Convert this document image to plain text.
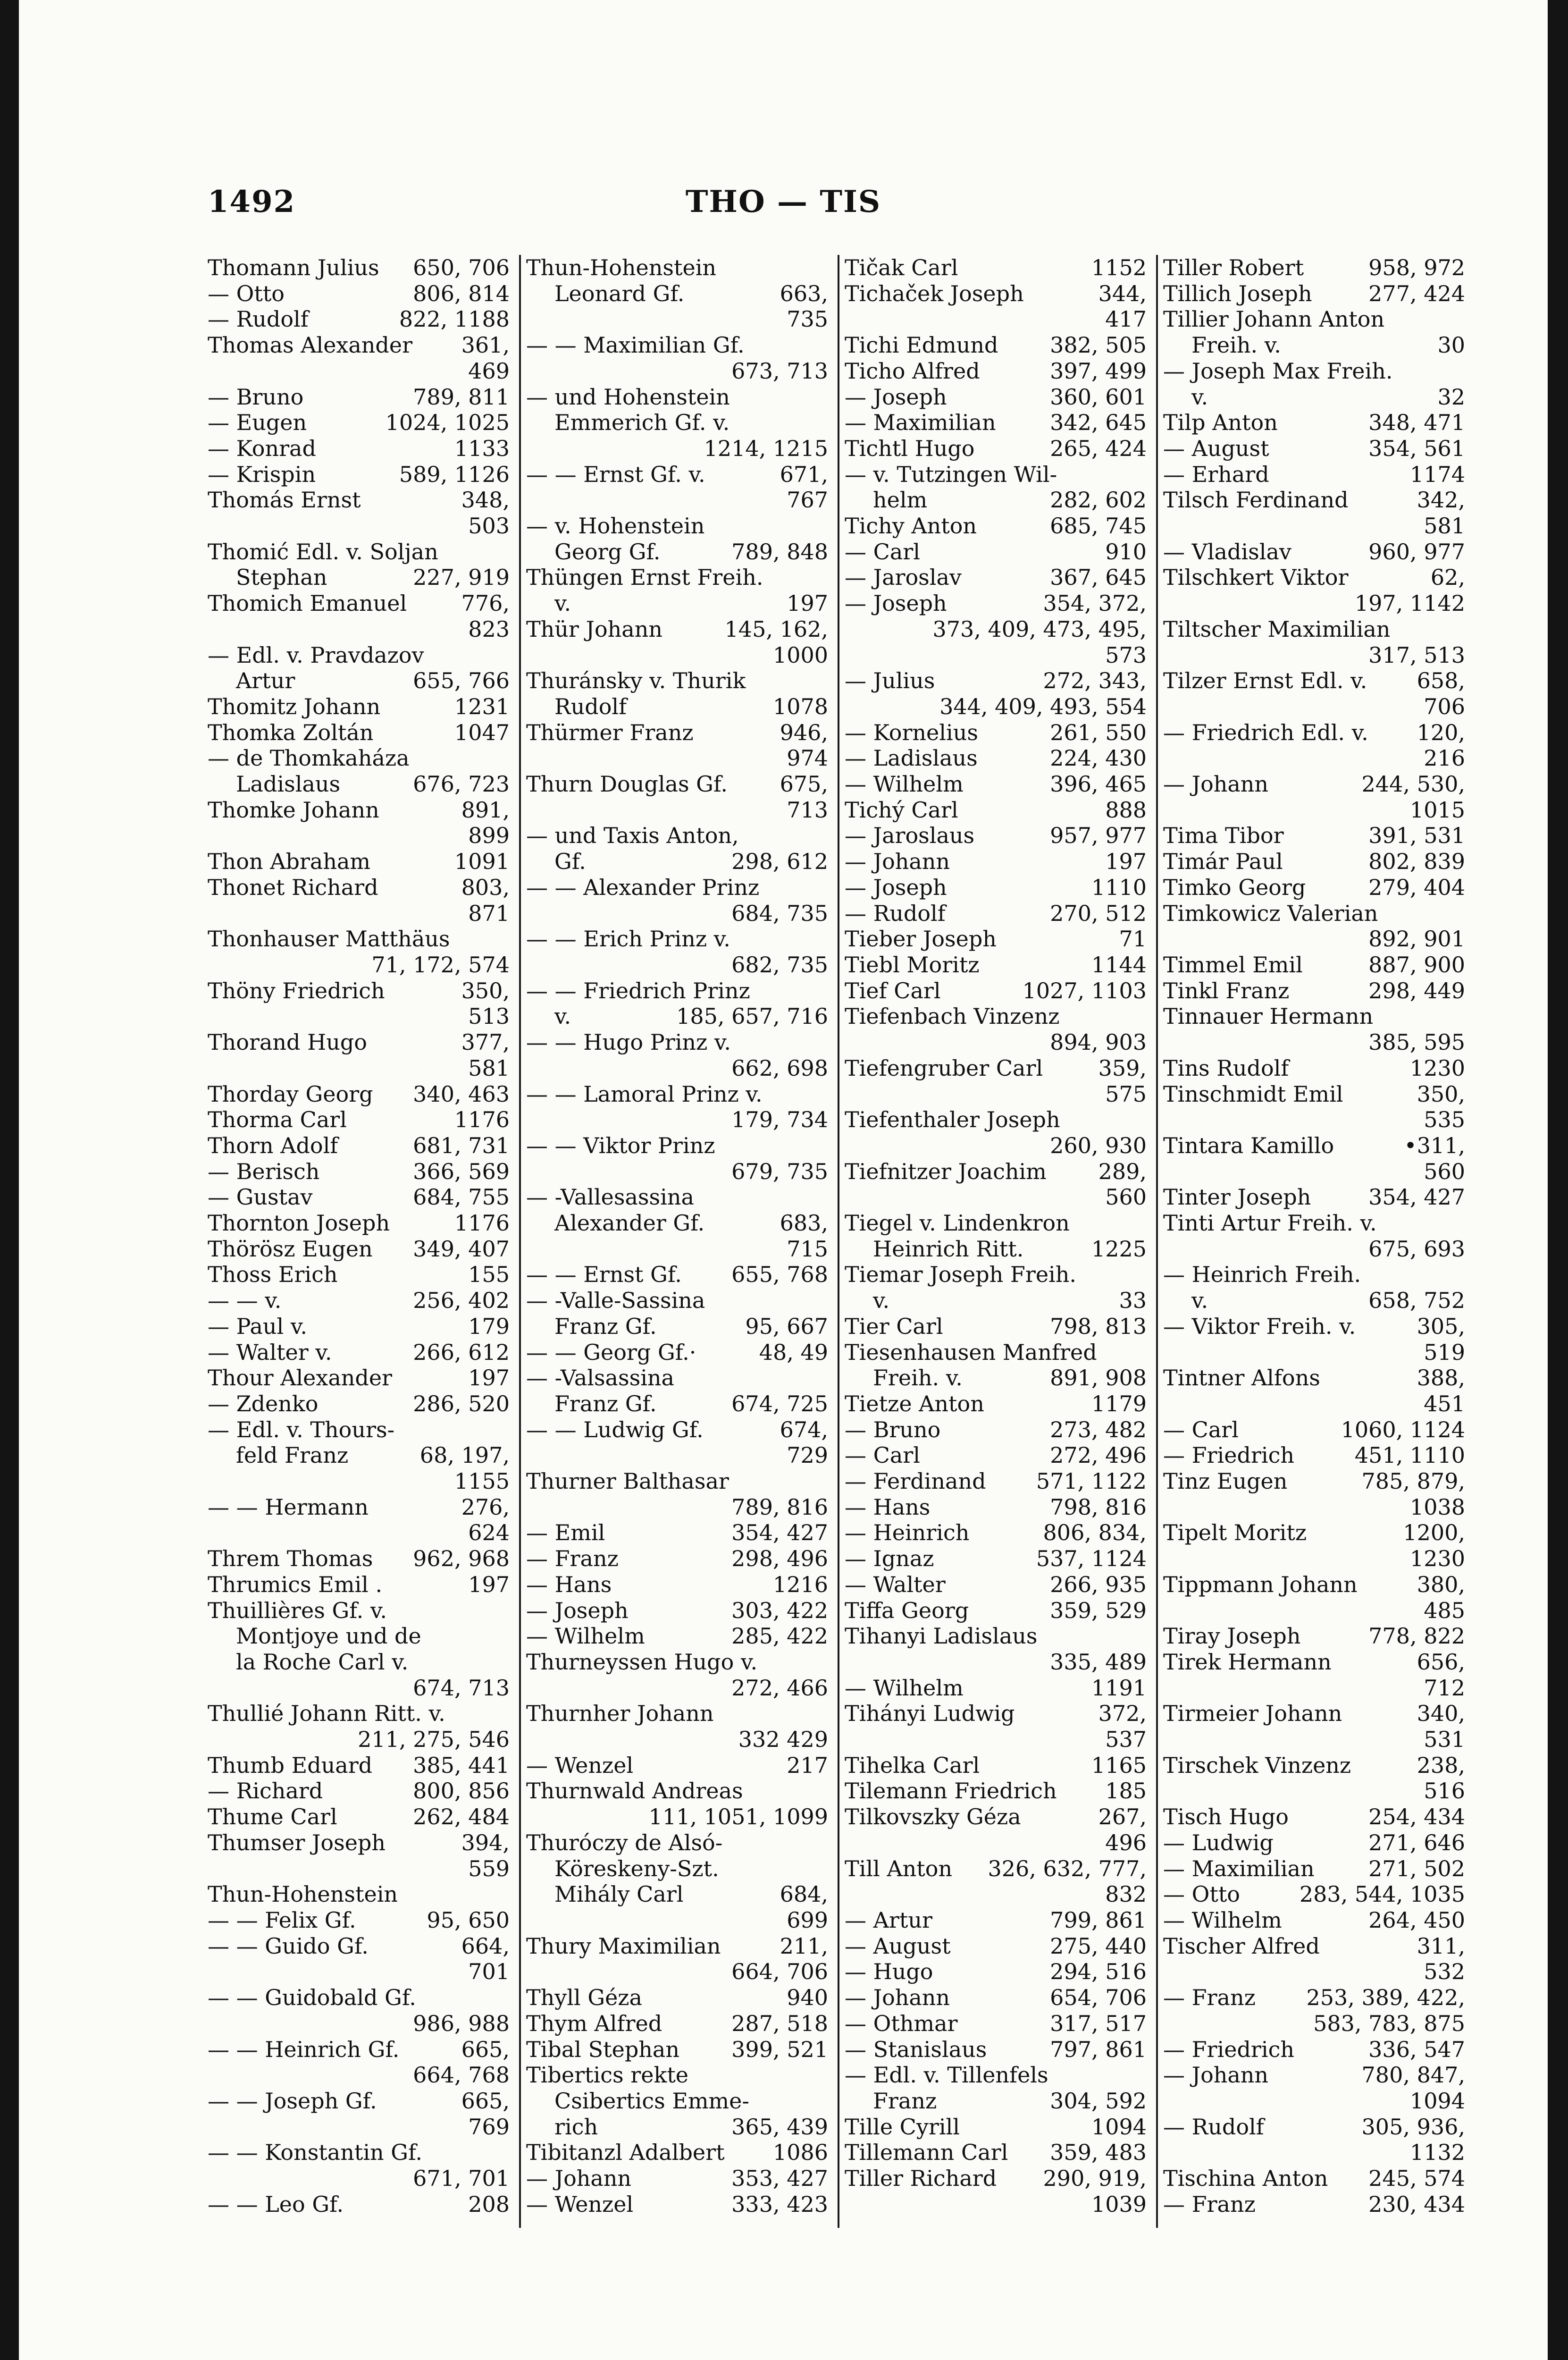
1492	THO — TIS
Thomann Julius	650, 706
— Otto	806, 814
— Rudolf	822, 1188
Thomas Alexander	361,
469
— Bruno	789, 811
— Eugen	1024, 1025
— Konrad	1133
— Krispin	589, 1126
Thomás Ernst	348,
503
Thomić Edl. v. Soljan
Stephan	227, 919
Thomich Emanuel	776,
823
— Edl. v. Pravdazov
Artur	655, 766
Thomitz Johann	1231
Thomka Zoltán	1047
— de Thomkaháza
Ladislaus	676, 723
Thomke Johann	891,
899
Thon Abraham	1091
Thonet Richard	803,
871
Thonhauser Matthäus
71, 172, 574
Thöny Friedrich	350,
513
Thorand Hugo	377,
581
Thorday Georg	340, 463
Thorma Carl	1176
Thorn Adolf	681, 731
— Berisch	366, 569
— Gustav	684, 755
Thornton Joseph	1176
Thörösz Eugen	349, 407
Thoss Erich	155
— — v.	256, 402
— Paul v.	179
— Walter v.	266, 612
Thour Alexander	197
— Zdenko	286, 520
— Edl. v. Thours-
feld Franz	68, 197,
1155
— — Hermann	276,
624
Threm Thomas	962, 968
Thrumics Emil .	197
Thuillières Gf. v.
Montjoye und de
la Roche Carl v.
674, 713
Thullié Johann Ritt. v.
211, 275, 546
Thumb Eduard	385, 441
— Richard	800, 856
Thume Carl	262, 484
Thumser Joseph	394,
559
Thun-Hohenstein
— — Felix Gf.	95, 650
— — Guido Gf.	664,
701
— — Guidobald Gf.
986, 988
— — Heinrich Gf.	665,
664, 768
— — Joseph Gf.	665,
769
— — Konstantin Gf.
671, 701
— — Leo Gf.	208
Thun-Hohenstein
Leonard Gf.	663,
735
— — Maximilian Gf.
673, 713
— und Hohenstein
Emmerich Gf. v.
1214, 1215
— — Ernst Gf. v.	671,
767
— v. Hohenstein
Georg Gf.	789, 848
Thüngen Ernst Freih.
v.	197
Thür Johann	145, 162,
1000
Thuránsky v. Thurik
Rudolf	1078
Thürmer Franz	946,
974
Thurn Douglas Gf.	675,
713
— und Taxis Anton,
Gf.	298, 612
— — Alexander Prinz
684, 735
— — Erich Prinz v.
682, 735
— — Friedrich Prinz
v.	185, 657, 716
— — Hugo Prinz v.
662, 698
— — Lamoral Prinz v.
179, 734
— — Viktor Prinz
679, 735
— -Vallesassina
Alexander Gf.	683,
715
— — Ernst Gf.	655, 768
— -Valle-Sassina
Franz Gf.	95, 667
— — Georg Gf.·	48, 49
— -Valsassina
Franz Gf.	674, 725
— — Ludwig Gf.	674,
729
Thurner Balthasar
789, 816
— Emil	354, 427
— Franz	298, 496
— Hans	1216
— Joseph	303, 422
— Wilhelm	285, 422
Thurneyssen Hugo v.
272, 466
Thurnher Johann
332 429
— Wenzel	217
Thurnwald Andreas
111, 1051, 1099
Thuróczy de Alsó-
Köreskeny-Szt.
Mihály Carl	684,
699
Thury Maximilian	211,
664, 706
Thyll Géza	940
Thym Alfred	287, 518
Tibal Stephan	399, 521
Tibertics rekte
Csibertics Emme-
rich	365, 439
Tibitanzl Adalbert	1086
— Johann	353, 427
— Wenzel	333, 423
Tičak Carl	1152
Tichaček Joseph	344,
417
Tichi Edmund	382, 505
Ticho Alfred	397, 499
— Joseph	360, 601
— Maximilian	342, 645
Tichtl Hugo	265, 424
— v. Tutzingen Wil-
helm	282, 602
Tichy Anton	685, 745
— Carl	910
— Jaroslav	367, 645
— Joseph	354, 372,
373, 409, 473, 495,
573
— Julius	272, 343,
344, 409, 493, 554
— Kornelius	261, 550
— Ladislaus	224, 430
— Wilhelm	396, 465
Tichý Carl	888
— Jaroslaus	957, 977
— Johann	197
— Joseph	1110
— Rudolf	270, 512
Tieber Joseph	71
Tiebl Moritz	1144
Tief Carl	1027, 1103
Tiefenbach Vinzenz
894, 903
Tiefengruber Carl	359,
575
Tiefenthaler Joseph
260, 930
Tiefnitzer Joachim	289,
560
Tiegel v. Lindenkron
Heinrich Ritt.	1225
Tiemar Joseph Freih.
v.	33
Tier Carl	798, 813
Tiesenhausen Manfred
Freih. v.	891, 908
Tietze Anton	1179
— Bruno	273, 482
— Carl	272, 496
— Ferdinand	571, 1122
— Hans	798, 816
— Heinrich	806, 834,
— Ignaz	537, 1124
— Walter	266, 935
Tiffa Georg	359, 529
Tihanyi Ladislaus
335, 489
— Wilhelm	1191
Tihányi Ludwig	372,
537
Tihelka Carl	1165
Tilemann Friedrich	185
Tilkovszky Géza	267,
496
Till Anton	326, 632, 777,
832
— Artur	799, 861
— August	275, 440
— Hugo	294, 516
— Johann	654, 706
— Othmar	317, 517
— Stanislaus	797, 861
— Edl. v. Tillenfels
Franz	304, 592
Tille Cyrill	1094
Tillemann Carl	359, 483
Tiller Richard	290, 919,
1039
Tiller Robert	958, 972
Tillich Joseph	277, 424
Tillier Johann Anton
Freih. v.	30
— Joseph Max Freih.
v.	32
Tilp Anton	348, 471
— August	354, 561
— Erhard	1174
Tilsch Ferdinand	342,
581
— Vladislav	960, 977
Tilschkert Viktor	62,
197, 1142
Tiltscher Maximilian
317, 513
Tilzer Ernst Edl. v.	658,
706
— Friedrich Edl. v.	120,
216
— Johann	244, 530,
1015
Tima Tibor	391, 531
Timár Paul	802, 839
Timko Georg	279, 404
Timkowicz Valerian
892, 901
Timmel Emil	887, 900
Tinkl Franz	298, 449
Tinnauer Hermann
385, 595
Tins Rudolf	1230
Tinschmidt Emil	350,
535
Tintara Kamillo	•311,
560
Tinter Joseph	354, 427
Tinti Artur Freih. v.
675, 693
— Heinrich Freih.
v.	658, 752
— Viktor Freih. v.	305,
519
Tintner Alfons	388,
451
— Carl	1060, 1124
— Friedrich	451, 1110
Tinz Eugen	785, 879,
1038
Tipelt Moritz	1200,
1230
Tippmann Johann	380,
485
Tiray Joseph	778, 822
Tirek Hermann	656,
712
Tirmeier Johann	340,
531
Tirschek Vinzenz	238,
516
Tisch Hugo	254, 434
— Ludwig	271, 646
— Maximilian	271, 502
— Otto	283, 544, 1035
— Wilhelm	264, 450
Tischer Alfred	311,
532
— Franz	253, 389, 422,
583, 783, 875
— Friedrich	336, 547
— Johann	780, 847,
1094
— Rudolf	305, 936,
1132
Tischina Anton	245, 574
— Franz	230, 434
